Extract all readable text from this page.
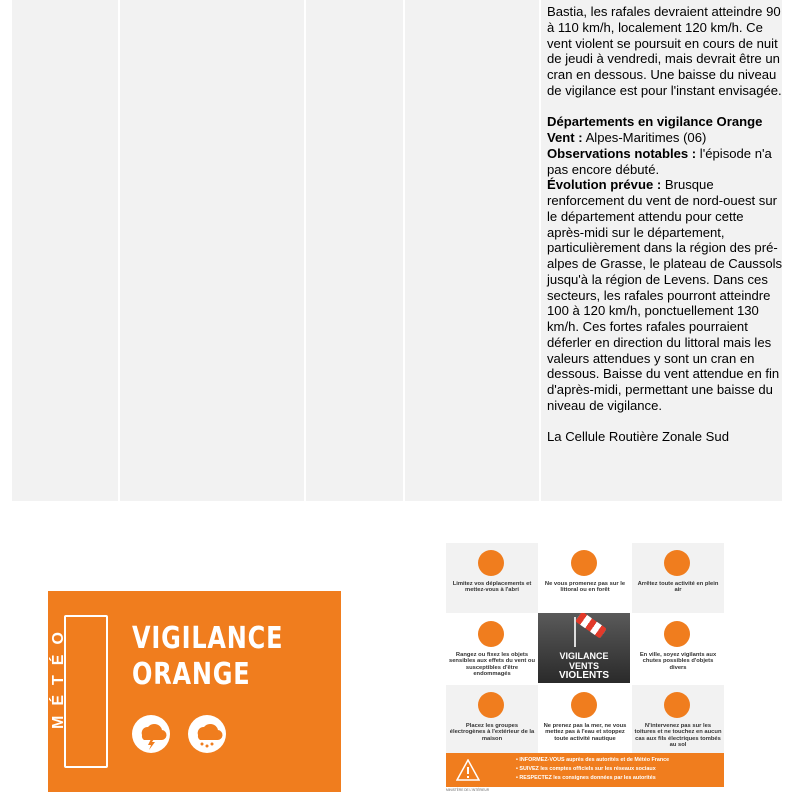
Bastia, les rafales devraient atteindre 90 à 110 km/h, localement 120 km/h. Ce vent violent se poursuit en cours de nuit de jeudi à vendredi, mais devrait être un cran en dessous. Une baisse du niveau de vigilance est pour l'instant envisagée.

Départements en vigilance Orange

Vent : Alpes-Maritimes (06)

Observations notables : l'épisode n'a pas encore débuté.

Évolution prévue : Brusque renforcement du vent de nord-ouest sur le département attendu pour cette après-midi sur le département, particulièrement dans la région des pré-alpes de Grasse, le plateau de Caussols jusqu'à la région de Levens. Dans ces secteurs, les rafales pourront atteindre 100 à 120 km/h, ponctuellement 130 km/h. Ces fortes rafales pourraient déferler en direction du littoral mais les valeurs attendues y sont un cran en dessous. Baisse du vent attendue en fin d'après-midi, permettant une baisse du niveau de vigilance.

La Cellule Routière Zonale Sud

MÉTÉO VIGILANCE
ORANGE
Limitez vos déplacements et mettez-vous à l'abri
Ne vous promenez pas sur le littoral ou en forêt
Arrêtez toute activité en plein air
Rangez ou fixez les objets sensibles aux effets du vent ou susceptibles d'être endommagés
VIGILANCE
VENTS
VIOLENTS
En ville, soyez vigilants aux chutes possibles d'objets divers
Placez les groupes électrogènes à l'extérieur de la maison
Ne prenez pas la mer, ne vous mettez pas à l'eau et stoppez toute activité nautique
N'intervenez pas sur les toitures et ne touchez en aucun cas aux fils électriques tombés au sol
• INFORMEZ-VOUS auprès des autorités et de Météo France
• SUIVEZ les comptes officiels sur les réseaux sociaux
• RESPECTEZ les consignes données par les autorités
MINISTÈRE DE L'INTÉRIEUR
